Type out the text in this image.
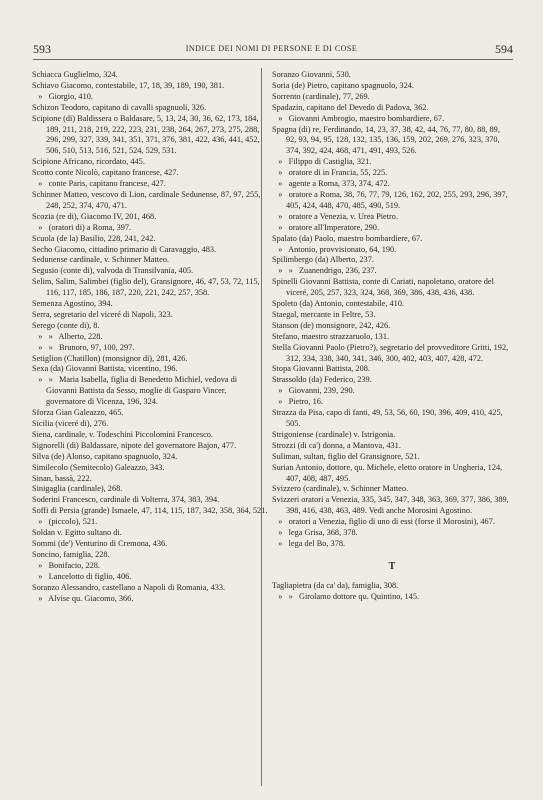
593	INDICE DEI NOMI DI PERSONE E DI COSE	594
Schiacca Guglielmo, 324.
Schiavo Giacomo, contestabile, 17, 18, 39, 189, 190, 381.
»   Giorgio, 410.
Schizon Teodoro, capitano di cavalli spagnuoli, 326.
Scipione (di) Baldissera o Baldasare, 5, 13, 24, 30, 36, 62, 173, 184, 189, 211, 218, 219, 222, 223, 231, 238, 264, 267, 273, 275, 288, 296, 299, 327, 339, 341, 351, 371, 376, 381, 422, 436, 441, 452, 506, 510, 513, 516, 521, 524, 529, 531.
Scipione Africano, ricordato, 445.
Scotto conte Nicolò, capitano francese, 427.
»   conte Paris, capitano francese, 427.
Schinner Matteo, vescovo di Lion, cardinale Sedunense, 87, 97, 255, 248, 252, 374, 470, 471.
Scozia (re di), Giacomo IV, 201, 468.
»   (oratori di) a Roma, 397.
Scuola (de la) Basilio, 228, 241, 242.
Secho Giacomo, cittadino primario di Caravaggio, 483.
Sedunense cardinale, v. Schinner Matteo.
Segusio (conte di), valvoda di Transilvania, 405.
Selim, Salim, Salimbei (figlio del), Gransignore, 46, 47, 53, 72, 115, 116, 117, 185, 186, 187, 220, 221, 242, 257, 358.
Semenza Agostino, 394.
Serra, segretario del viceré di Napoli, 323.
Serego (conte di), 8.
»   »   Alberto, 228.
»   »   Brunoro, 97, 100, 297.
Setiglion (Chatillon) (monsignor di), 281, 426.
Sexa (da) Giovanni Battista, vicentino, 196.
»   »   Maria Isabella, figlia di Benedetto Michiel, vedova di Giovanni Battista da Sesso, moglie di Gasparo Vincer, governatore di Vicenza, 196, 324.
Sforza Gian Galeazzo, 465.
Sicilia (viceré di), 276.
Siena, cardinale, v. Todeschini Piccolomini Francesco.
Signorelli (di) Baldassare, nipote del governatore Bajon, 477.
Silva (de) Alonso, capitano spagnuolo, 324.
Similecolo (Semitecolo) Galeazzo, 343.
Sinan, bassà, 222.
Sinigaglia (cardinale), 268.
Soderini Francesco, cardinale di Volterra, 374, 383, 394.
Soffi di Persia (grande) Ismaele, 47, 114, 115, 187, 342, 358, 364, 521.
»   (piccolo), 521.
Soldan v. Egitto sultano di.
Sommi (de') Venturino di Cremona, 436.
Soncino, famiglia, 228.
»   Bonifacio, 228.
»   Lancelotto di figlio, 406.
Soranzo Alessandro, castellano a Napoli di Romania, 433.
»   Alvise qu. Giacomo, 366.
Soranzo Giovanni, 530.
Soria (de) Pietro, capitano spagnuolo, 324.
Sorrento (cardinale), 77, 269.
Spadazin, capitano del Devedo di Padova, 362.
»   Giovanni Ambrogio, maestro bombardiere, 67.
Spagna (di) re, Ferdinando, 14, 23, 37, 38, 42, 44, 76, 77, 80, 88, 89, 92, 93, 94, 95, 128, 132, 135, 136, 159, 202, 269, 276, 323, 370, 374, 392, 424, 468, 471, 491, 493, 526.
»   Filippo di Castiglia, 321.
»   oratore di in Francia, 55, 225.
»   agente a Roma, 373, 374, 472.
»   oratore a Roma, 38, 76, 77, 79, 126, 162, 202, 255, 293, 296, 397, 405, 424, 448, 470, 485, 490, 519.
»   oratore a Venezia, v. Urea Pietro.
»   oratore all'Imperatore, 290.
Spalato (da) Paolo, maestro bombardiere, 67.
»   Antonio, provvisionato, 64, 190.
Spilimbergo (da) Alberto, 237.
»   »   Zuanendrigo, 236, 237.
Spinelli Giovanni Battista, conte di Cariati, napoletano, oratore del viceré, 205, 257, 323, 324, 368, 369, 386, 438, 436, 438.
Spoleto (da) Antonio, contestabile, 410.
Staegal, mercante in Feltre, 53.
Stanson (de) monsignore, 242, 426.
Stefano, maestro strazzaruolo, 131.
Stella Giovanni Paolo (Pietro?), segretario del provveditore Gritti, 192, 312, 334, 338, 340, 341, 346, 300, 402, 403, 407, 428, 472.
Stopa Giovanni Battista, 208.
Strassoldo (da) Federico, 239.
»   Giovanni, 239, 290.
»   Pietro, 16.
Strazza da Pisa, capo di fanti, 49, 53, 56, 60, 190, 396, 409, 410, 425, 505.
Strigoniense (cardinale) v. Istrigonia.
Strozzi (di ca') donna, a Mantova, 431.
Suliman, sultan, figlio del Gransignore, 521.
Surian Antonio, dottore, qu. Michele, eletto oratore in Ungheria, 124, 407, 408, 487, 495.
Svizzero (cardinale), v. Schinner Matteo.
Svizzeri oratori a Venezia, 335, 345, 347, 348, 363, 369, 377, 386, 389, 398, 416, 438, 463, 489. Vedi anche Morosini Agostino.
»   oratori a Venezia, figlio di uno di essi (forse il Morosini), 467.
»   lega Grisa, 368, 378.
»   lega del Bo, 378.
T
Tagliapietra (da ca' da), famiglia, 308.
»   »   Girolamo dottore qu. Quintino, 145.
